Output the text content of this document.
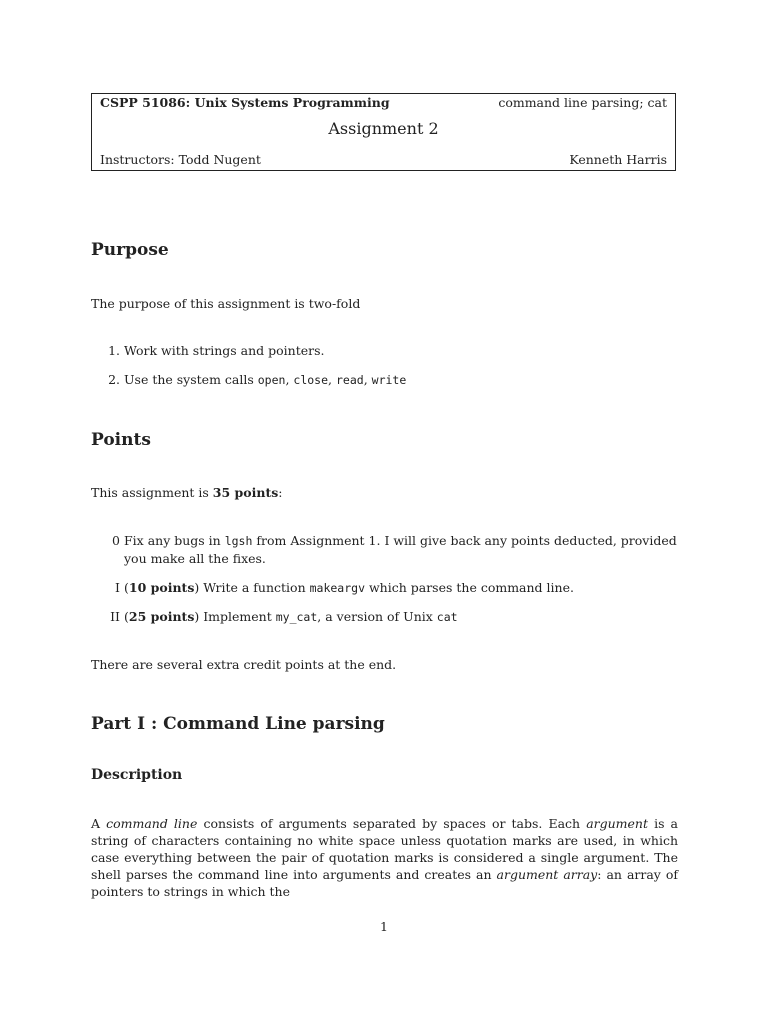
CSPP 51086: Unix Systems Programming	command line parsing; cat
Assignment 2
Instructors: Todd Nugent	Kenneth Harris
Purpose
The purpose of this assignment is two-fold
1. Work with strings and pointers.
2. Use the system calls open, close, read, write
Points
This assignment is 35 points:
0 Fix any bugs in lgsh from Assignment 1. I will give back any points deducted, provided you make all the fixes.
I (10 points) Write a function makeargv which parses the command line.
II (25 points) Implement my_cat, a version of Unix cat
There are several extra credit points at the end.
Part I : Command Line parsing
Description
A command line consists of arguments separated by spaces or tabs. Each argument is a string of characters containing no white space unless quotation marks are used, in which case everything between the pair of quotation marks is considered a single argument. The shell parses the command line into arguments and creates an argument array: an array of pointers to strings in which the
1
